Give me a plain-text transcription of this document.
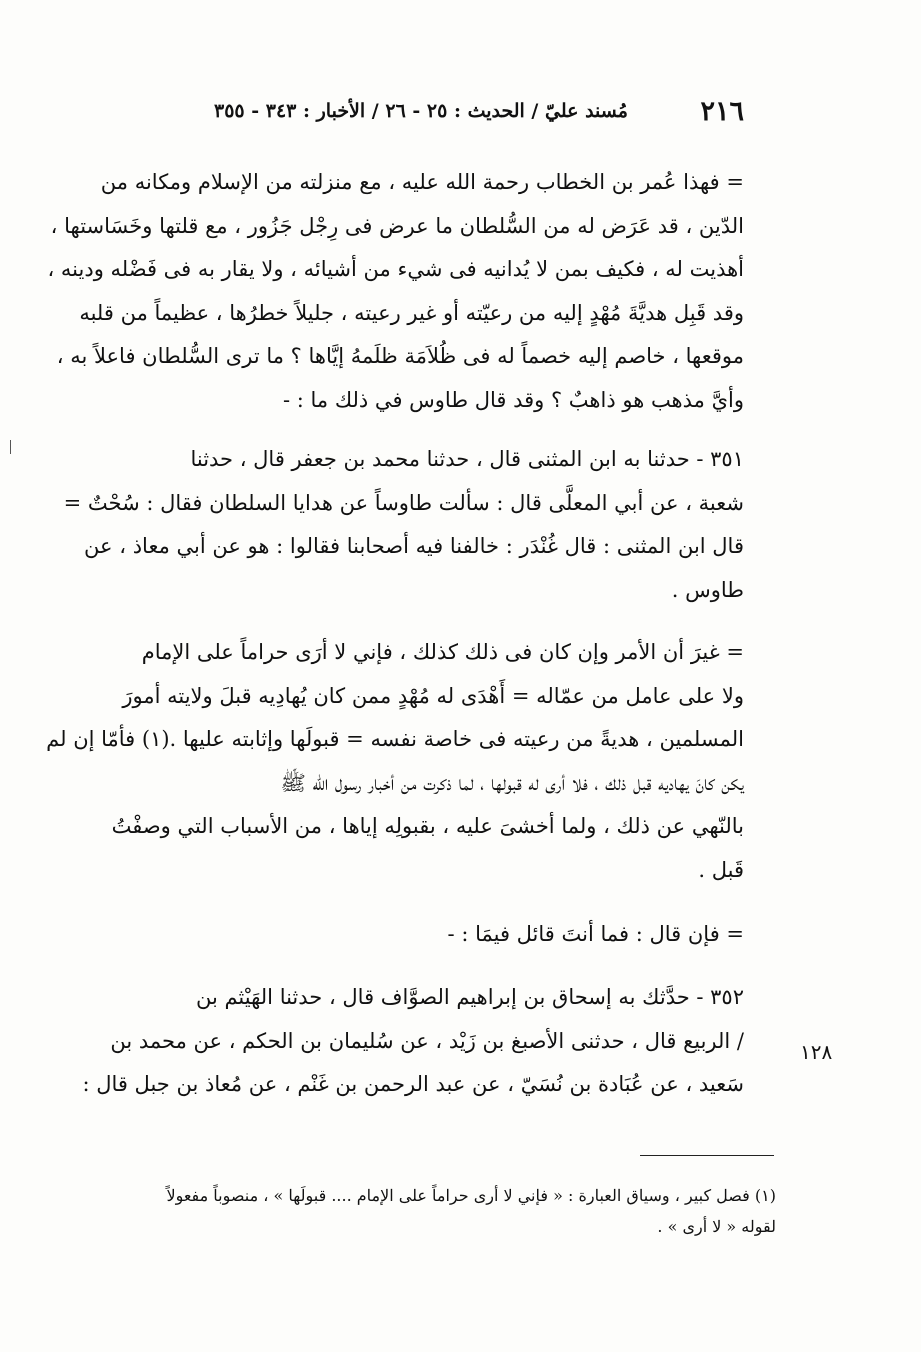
٢١٦
مُسند عليّ / الحديث : ٢٥ - ٢٦ / الأخبار : ٣٤٣ - ٣٥٥
= فهذا عُمر بن الخطاب رحمة الله عليه ، مع منزلته من الإسلام ومكانه من
الدّين ، قد عَرَض له من السُّلطان ما عرض فى رِجْل جَزُور ، مع قلتها وخَسَاستها ،
أهذيت له ، فكيف بمن لا يُدانيه فى شيء من أشيائه ، ولا يقار به فى فَضْله ودينه ،
وقد قَبِل هديَّةَ مُهْدٍ إليه من رعيّته أو غير رعيته ، جليلاً خطرُها ، عظيماً من قلبه
موقعها ، خاصم إليه خصماً له فى ظُلاَمَة ظلَمهُ إيَّاها ؟ ما ترى السُّلطان فاعلاً به ،
وأيَّ مذهب هو ذاهبٌ ؟ وقد قال طاوس في ذلك ما : -
٣٥١ - حدثنا به ابن المثنى قال ، حدثنا محمد بن جعفر قال ، حدثنا
شعبة ، عن أبي المعلَّى قال : سألت طاوساً عن هدايا السلطان فقال : سُحْتٌ =
قال ابن المثنى : قال غُنْدَر : خالفنا فيه أصحابنا فقالوا : هو عن أبي معاذ ، عن
طاوس .
= غيرَ أن الأمر وإن كان فى ذلك كذلك ، فإني لا أرَى حراماً على الإمام
ولا على عامل من عمّاله = أَهْدَى له مُهْدٍ ممن كان يُهادِيه قبلَ ولايته أمورَ
المسلمين ، هديةً من رعيته فى خاصة نفسه = قبولَها وإثابته عليها .(١) فأمّا إن لم
يكن كانَ يهاديه قبل ذلك ، فلا أرى له قبولها ، لما ذكرت من أخبار رسول الله ﷺ
بالنّهي عن ذلك ، ولما أخشىَ عليه ، بقبولِه إياها ، من الأسباب التي وصفْتُ
قَبل .
= فإن قال : فما أنتَ قائل فيمَا : -
٣٥٢ - حدَّثك به إسحاق بن إبراهيم الصوَّاف قال ، حدثنا الهَيْثم بن
/ الربيع قال ، حدثنى الأصبغ بن زَيْد ، عن سُليمان بن الحكم ، عن محمد بن
سَعيد ، عن عُبَادة بن نُسَيّ ، عن عبد الرحمن بن غَنْم ، عن مُعاذ بن جبل قال :
١٢٨
(١) فصل كبير ، وسياق العبارة : « فإني لا أرى حراماً على الإمام .... قبولَها » ، منصوباً مفعولاً
لقوله « لا أرى » .
